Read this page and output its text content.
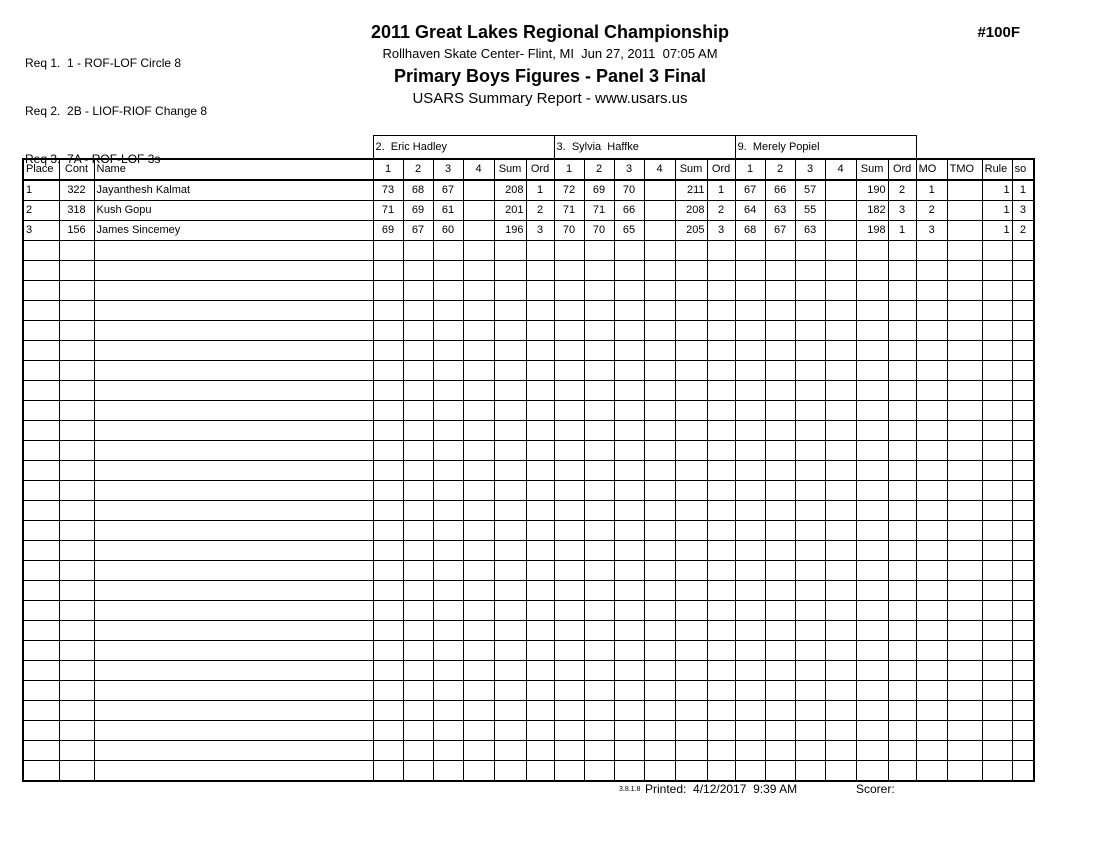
Req 1.  1 - ROF-LOF Circle 8

Req 2.  2B - LIOF-RIOF Change 8

Req 3.  7A - ROF-LOF 3s

2011 Great Lakes Regional Championship
Rollhaven Skate Center- Flint, MI  Jun 27, 2011  07:05 AM
Primary Boys Figures - Panel 3 Final
USARS Summary Report - www.usars.us
#100F
			2.  Eric Hadley						3.  Sylvia  Haffke						9.  Merely Popiel									
Place	Cont	Name	1	2	3	4	Sum	Ord	1	2	3	4	Sum	Ord	1	2	3	4	Sum	Ord	MO	TMO	Rule	so
1	322	Jayanthesh Kalmat	73	68	67		208	1	72	69	70		211	1	67	66	57		190	2	1		1	1
2	318	Kush Gopu	71	69	61		201	2	71	71	66		208	2	64	63	55		182	3	2		1	3
3	156	James Sincemey	69	67	60		196	3	70	70	65		205	3	68	67	63		198	1	3		1	2

3.8.1.8 Printed:  4/12/2017  9:39 AM	Scorer:
